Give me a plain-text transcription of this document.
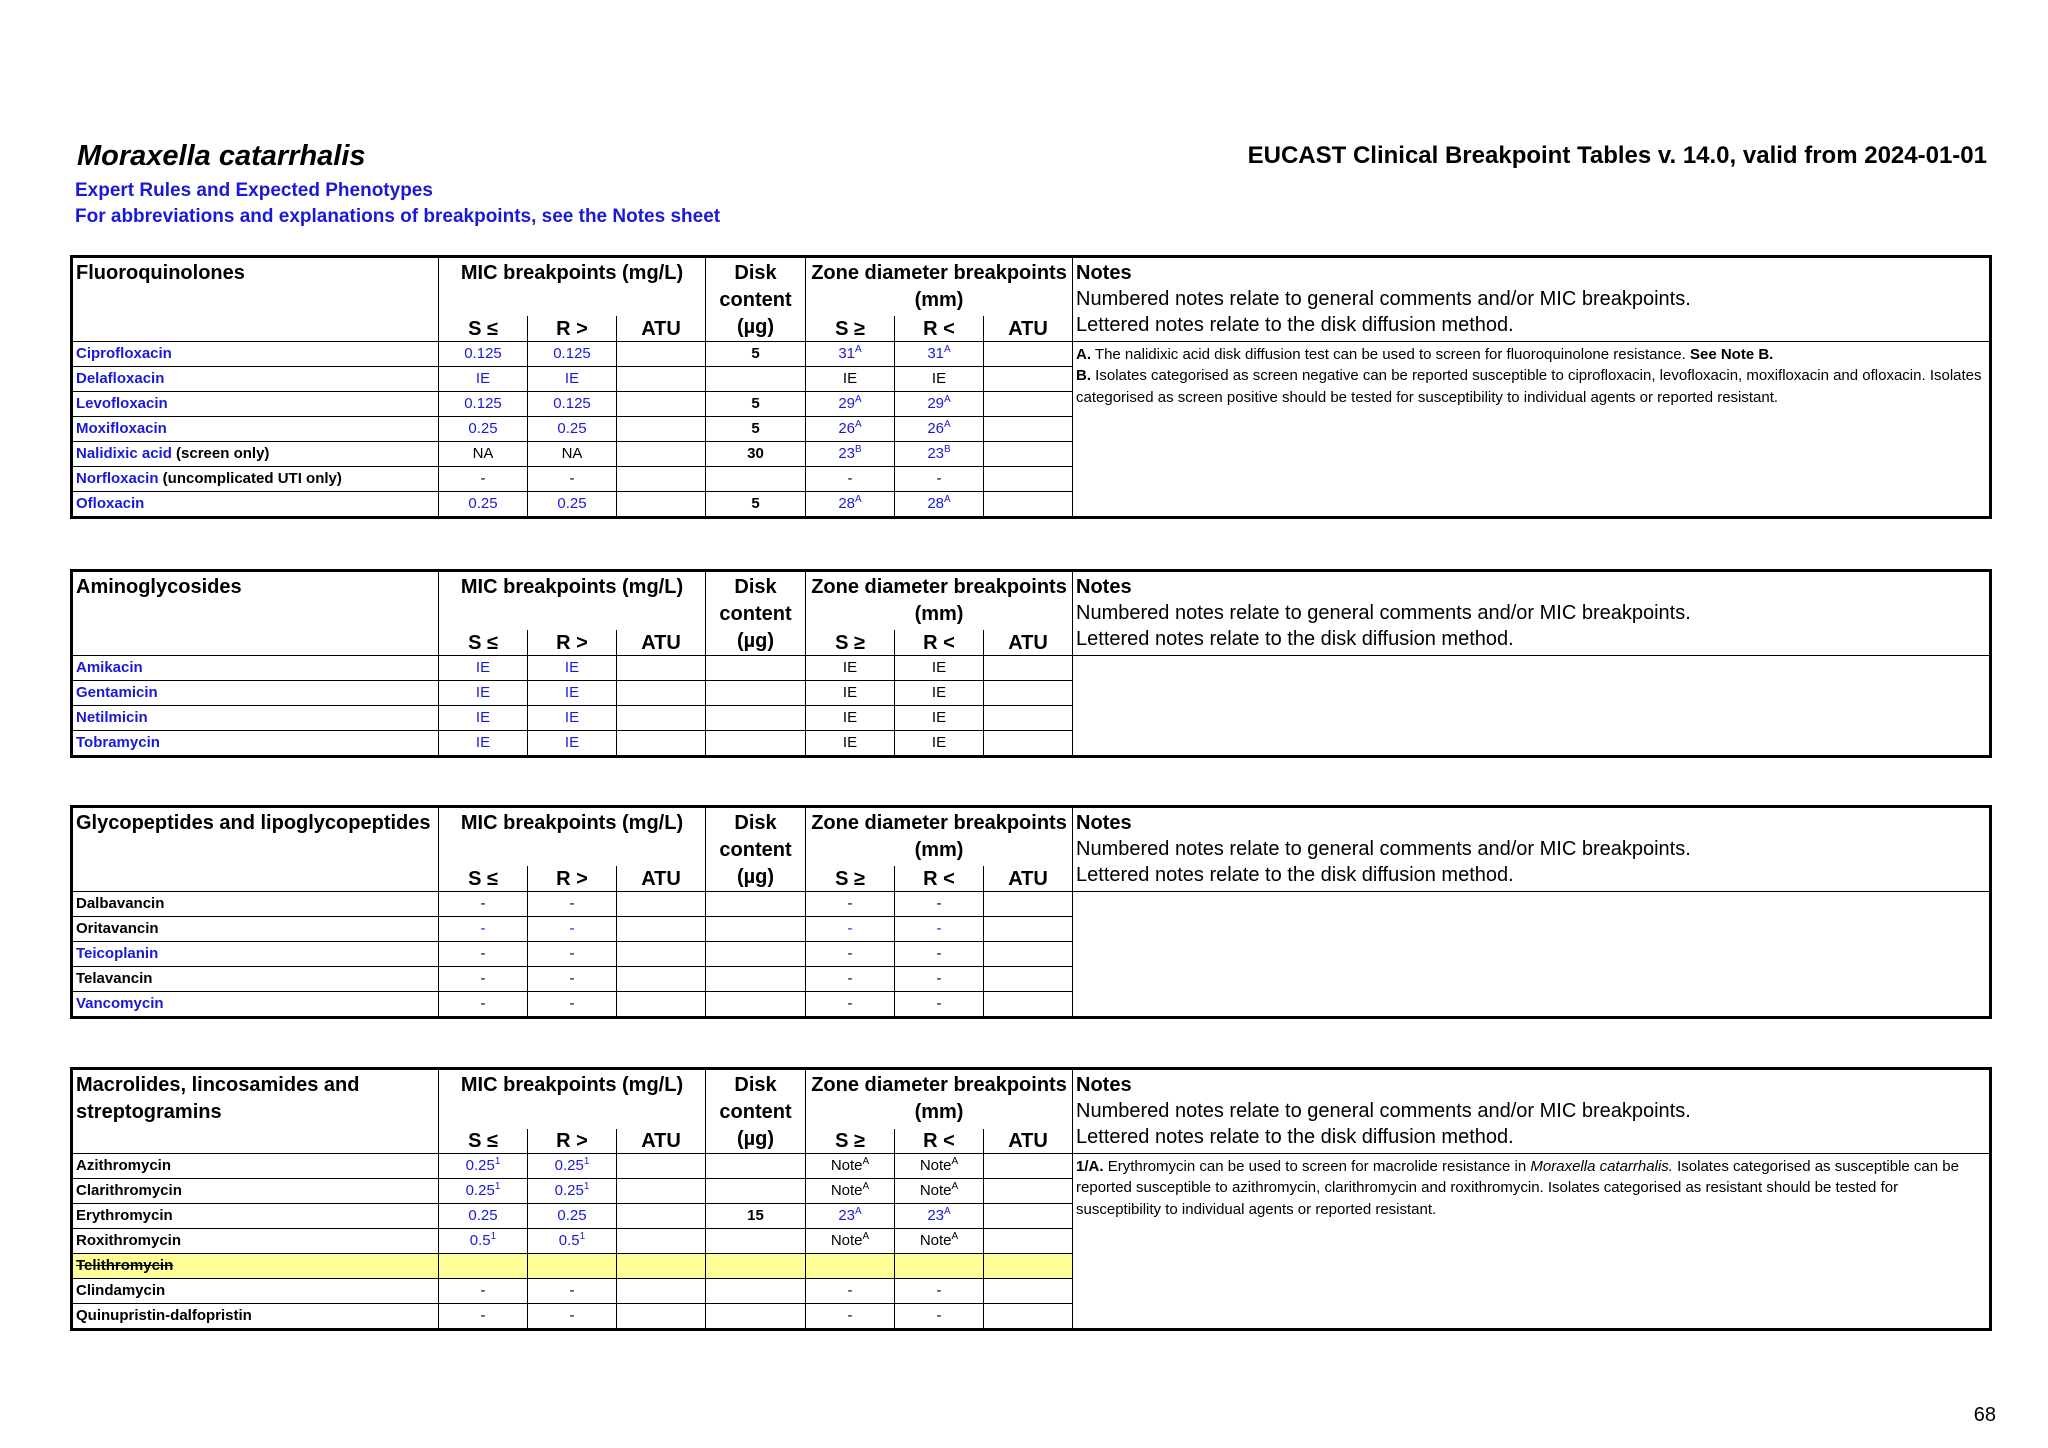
Moraxella catarrhalis	EUCAST Clinical Breakpoint Tables v. 14.0, valid from 2024-01-01
Expert Rules and Expected Phenotypes
For abbreviations and explanations of breakpoints, see the Notes sheet
Fluoroquinolones	MIC breakpoints (mg/L)			Disk content (µg)	Zone diameter breakpoints (mm)			Notes
Numbered notes relate to general comments and/or MIC breakpoints.
Lettered notes relate to the disk diffusion method.

	S ≤	R >	ATU		S ≥	R <	ATU	
Ciprofloxacin	0.125	0.125		5	$31^A$	$31^A$		A. The nalidixic acid disk diffusion test can be used to screen for fluoroquinolone resistance. See Note B.
B. Isolates categorised as screen negative can be reported susceptible to ciprofloxacin, levofloxacin, moxifloxacin and ofloxacin. Isolates categorised as screen positive should be tested for susceptibility to individual agents or reported resistant.

Delafloxacin	IE	IE			IE	IE		
Levofloxacin	0.125	0.125		5	$29^A$	$29^A$	
Moxifloxacin	0.25	0.25		5	$26^A$	$26^A$	
Nalidixic acid (screen only)	NA	NA		30	$23^B$	$23^B$	
Norfloxacin (uncomplicated UTI only)	-	-			-	-		
Ofloxacin	0.25	0.25		5	$28^A$	$28^A$	
Aminoglycosides	MIC breakpoints (mg/L)			Disk content (µg)	Zone diameter breakpoints (mm)			Notes
Numbered notes relate to general comments and/or MIC breakpoints.
Lettered notes relate to the disk diffusion method.

	S ≤	R >	ATU		S ≥	R <	ATU	
Amikacin	IE	IE			IE	IE		
Gentamicin	IE	IE			IE	IE		
Netilmicin	IE	IE			IE	IE		
Tobramycin	IE	IE			IE	IE		
Glycopeptides and lipoglycopeptides	MIC breakpoints (mg/L)			Disk content (µg)	Zone diameter breakpoints (mm)			Notes
Numbered notes relate to general comments and/or MIC breakpoints.
Lettered notes relate to the disk diffusion method.

	S ≤	R >	ATU		S ≥	R <	ATU	
Dalbavancin	-	-			-	-		
Oritavancin	-	-			-	-		
Teicoplanin	-	-			-	-		
Telavancin	-	-			-	-		
Vancomycin	-	-			-	-		
Macrolides, lincosamides and streptogramins	MIC breakpoints (mg/L)			Disk content (µg)	Zone diameter breakpoints (mm)			Notes
Numbered notes relate to general comments and/or MIC breakpoints.
Lettered notes relate to the disk diffusion method.

	S ≤	R >	ATU		S ≥	R <	ATU	
Azithromycin	0.25$^1$	0.25$^1$			Note$^A$	Note$^A$		1/A. Erythromycin can be used to screen for macrolide resistance in Moraxella catarrhalis. Isolates categorised as susceptible can be reported susceptible to azithromycin, clarithromycin and roxithromycin. Isolates categorised as resistant should be tested for susceptibility to individual agents or reported resistant.

Clarithromycin	0.25$^1$	0.25$^1$			Note$^A$	Note$^A$	
Erythromycin	0.25	0.25		15	$23^A$	$23^A$	
Roxithromycin	$0.5^1$	$0.5^1$			Note$^A$	Note$^A$	
Telithromycin								
Clindamycin	-	-			-	-		
Quinupristin-dalfopristin	-	-			-	-		
68
